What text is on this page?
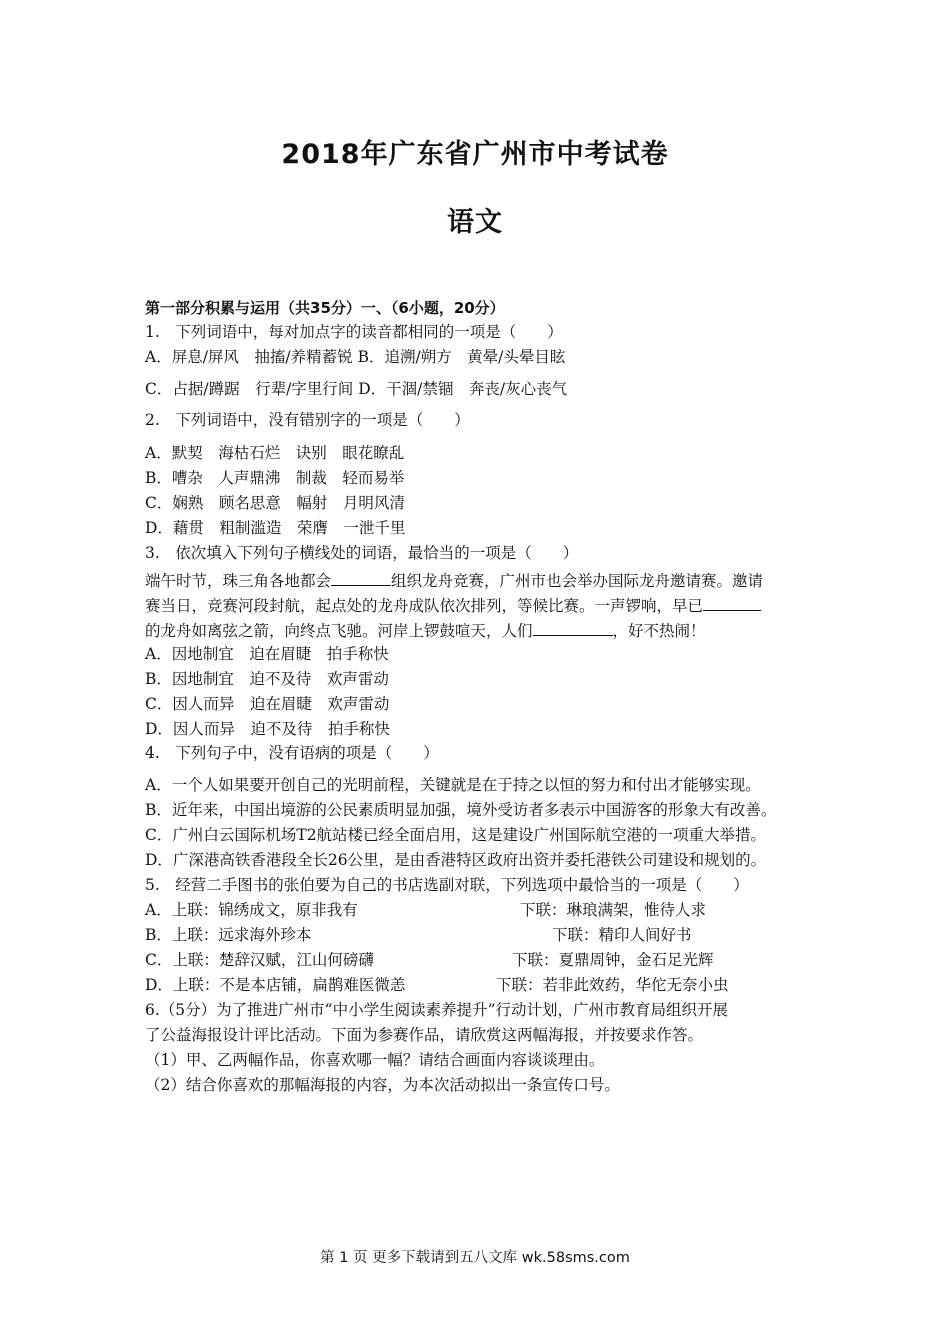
2018年广东省广州市中考试卷
语文
第一部分积累与运用（共35分）一、（6小题，20分）
1.　下列词语中，每对加点字的读音都相同的一项是（　　）
A．屏息/屏风　抽搐/养精蓄锐 B．追溯/朔方　黄晕/头晕目眩
C．占据/蹲踞　行辈/字里行间 D．干涸/禁锢　奔丧/灰心丧气
2.　下列词语中，没有错别字的一项是（　　）
A．默契　海枯石烂　诀别　眼花瞭乱
B．嘈杂　人声鼎沸　制裁　轻而易举
C．娴熟　顾名思意　幅射　月明风清
D．藉贯　粗制滥造　荣膺　一泄千里
3.　依次填入下列句子横线处的词语，最恰当的一项是（　　）
端午时节，珠三角各地都会	组织龙舟竞赛，广州市也会举办国际龙舟邀请赛。邀请
赛当日，竞赛河段封航，起点处的龙舟成队依次排列，等候比赛。一声锣响，早已
的龙舟如离弦之箭，向终点飞驰。河岸上锣鼓喧天，人们	，好不热闹！
A．因地制宜　迫在眉睫　拍手称快
B．因地制宜　迫不及待　欢声雷动
C．因人而异　迫在眉睫　欢声雷动
D．因人而异　迫不及待　拍手称快
4.　下列句子中，没有语病的项是（　　）
A．一个人如果要开创自己的光明前程，关键就是在于持之以恒的努力和付出才能够实现。
B．近年来，中国出境游的公民素质明显加强，境外受访者多表示中国游客的形象大有改善。
C．广州白云国际机场T2航站楼已经全面启用，这是建设广州国际航空港的一项重大举措。
D．广深港高铁香港段全长26公里，是由香港特区政府出资并委托港铁公司建设和规划的。
5.　经营二手图书的张伯要为自己的书店选副对联，下列选项中最恰当的一项是（　　）
A．上联：锦绣成文，原非我有	下联：琳琅满架，惟待人求
B．上联：远求海外珍本	下联：精印人间好书
C．上联：楚辞汉赋，江山何磅礴	下联：夏鼎周钟，金石足光辉
D．上联：不是本店铺，扁鹊难医微恙	下联：若非此效药，华佗无奈小虫
6.（5分）为了推进广州市“中小学生阅读素养提升”行动计划，广州市教育局组织开展
了公益海报设计评比活动。下面为参赛作品，请欣赏这两幅海报，并按要求作答。
（1）甲、乙两幅作品，你喜欢哪一幅？请结合画面内容谈谈理由。
（2）结合你喜欢的那幅海报的内容，为本次活动拟出一条宣传口号。
第 1 页 更多下载请到五八文库 wk.58sms.com
